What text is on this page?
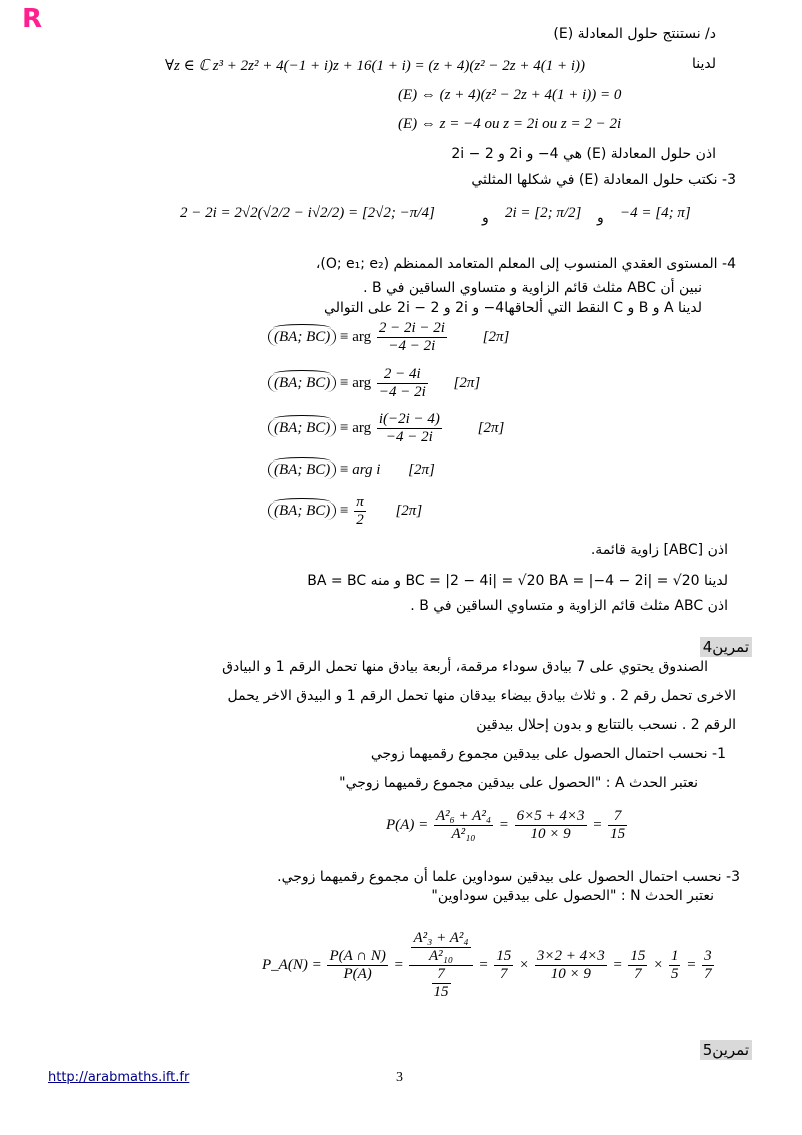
R	د/ نستنتج حلول المعادلة (E)
لدينا
∀z ∈ ℂ z³ + 2z² + 4(−1 + i)z + 16(1 + i) = (z + 4)(z² − 2z + 4(1 + i))
(E) ⇔ (z + 4)(z² − 2z + 4(1 + i)) = 0
(E) ⇔ z = −4 ou z = 2i ou z = 2 − 2i
اذن حلول المعادلة (E) هي 4− و 2i و 2 − 2i
3- نكتب حلول المعادلة (E) في شكلها المثلثي
2 − 2i = 2√2(√2/2 − i√2/2) = [2√2; −π/4]	و 2i = [2; π/2] و −4 = [4; π]
4- المستوى العقدي المنسوب إلى المعلم المتعامد الممنظم (O; e₁; e₂)،
نبين أن ABC مثلث قائم الزاوية و متساوي الساقين في B .
لدينا A و B و C النقط التي ألحاقها4− و 2i و 2 − 2i على التوالي
(BA; BC) ≡ arg $\frac{2 - 2i - 2i}{-4 - 2i} [2\pi]$
(BA; BC) ≡ arg $\frac{2 - 4i}{-4 - 2i} [2\pi]$
(BA; BC) ≡ arg $\frac{i(-2i - 4)}{-4 - 2i} [2\pi]$
(BA; BC) ≡ arg i [2π]
(BA; $BC) \equiv \frac{\pi}{2} [2\pi]$
اذن [ABC] زاوية قائمة.
لدينا BC = |2 − 4i| = √20 BA = |−4 − 2i| = √20 و منه BA = BC
اذن ABC مثلث قائم الزاوية و متساوي الساقين في B .
تمرين4
الصندوق يحتوي على 7 بيادق سوداء مرقمة، أربعة بيادق منها تحمل الرقم 1 و البيادق
الاخرى تحمل رقم 2 . و ثلاث بيادق بيضاء بيدقان منها تحمل الرقم 1 و البيدق الاخر يحمل
الرقم 2 . نسحب بالتتابع و بدون إحلال بيدقين
1- نحسب احتمال الحصول على بيدقين مجموع رقميهما زوجي
نعتبر الحدث A : "الحصول على بيدقين مجموع رقميهما زوجي"
$P(A) = \frac{\text{A²₆ + A²₄}}{\text{A²₁₀}} = \frac{6\times 5 + 4\times 3}{10 \times 9} = \frac{7}{15}$
3- نحسب احتمال الحصول على بيدقين سوداوين علما أن مجموع رقميهما زوجي.
نعتبر الحدث N : "الحصول على بيدقين سوداوين"
P_A(N) = $\frac{P(A \cap N)}{P(A)} = \frac{\frac{\text{A²₃ + A²₄}}{\text{A²₁₀}}}{\frac{7}{15}} = \frac{15}{7} \times \frac{3\times 2 + 4\times 3}{10 \times 9} = \frac{15}{7} \times \frac{1}{5} = \frac{3}{7}$
تمرين5
http://arabmaths.ift.fr	3
